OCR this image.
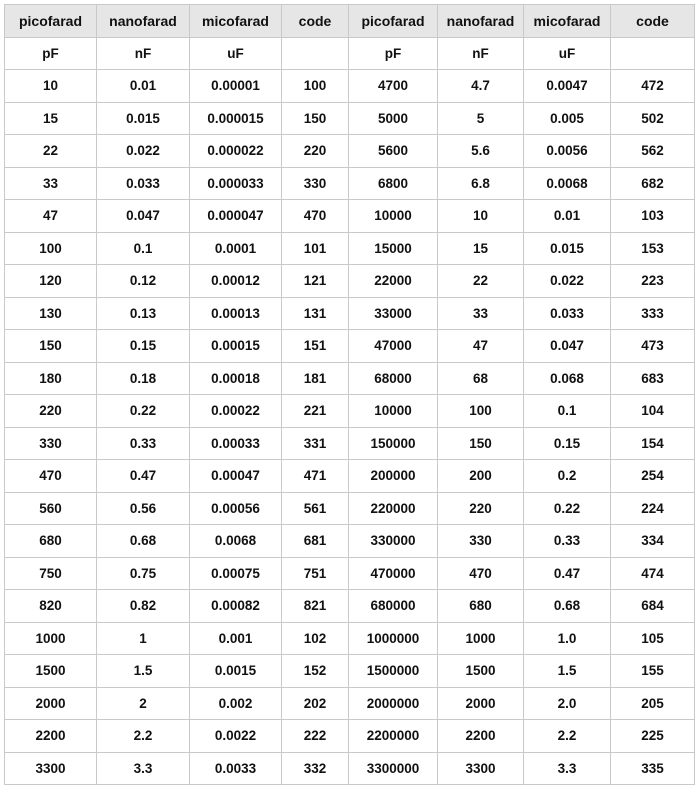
picofarad	nanofarad	micofarad	code	picofarad	nanofarad	micofarad	code
pF	nF	uF		pF	nF	uF	
10	0.01	0.00001	100	4700	4.7	0.0047	472
15	0.015	0.000015	150	5000	5	0.005	502
22	0.022	0.000022	220	5600	5.6	0.0056	562
33	0.033	0.000033	330	6800	6.8	0.0068	682
47	0.047	0.000047	470	10000	10	0.01	103
100	0.1	0.0001	101	15000	15	0.015	153
120	0.12	0.00012	121	22000	22	0.022	223
130	0.13	0.00013	131	33000	33	0.033	333
150	0.15	0.00015	151	47000	47	0.047	473
180	0.18	0.00018	181	68000	68	0.068	683
220	0.22	0.00022	221	10000	100	0.1	104
330	0.33	0.00033	331	150000	150	0.15	154
470	0.47	0.00047	471	200000	200	0.2	254
560	0.56	0.00056	561	220000	220	0.22	224
680	0.68	0.0068	681	330000	330	0.33	334
750	0.75	0.00075	751	470000	470	0.47	474
820	0.82	0.00082	821	680000	680	0.68	684
1000	1	0.001	102	1000000	1000	1.0	105
1500	1.5	0.0015	152	1500000	1500	1.5	155
2000	2	0.002	202	2000000	2000	2.0	205
2200	2.2	0.0022	222	2200000	2200	2.2	225
3300	3.3	0.0033	332	3300000	3300	3.3	335
